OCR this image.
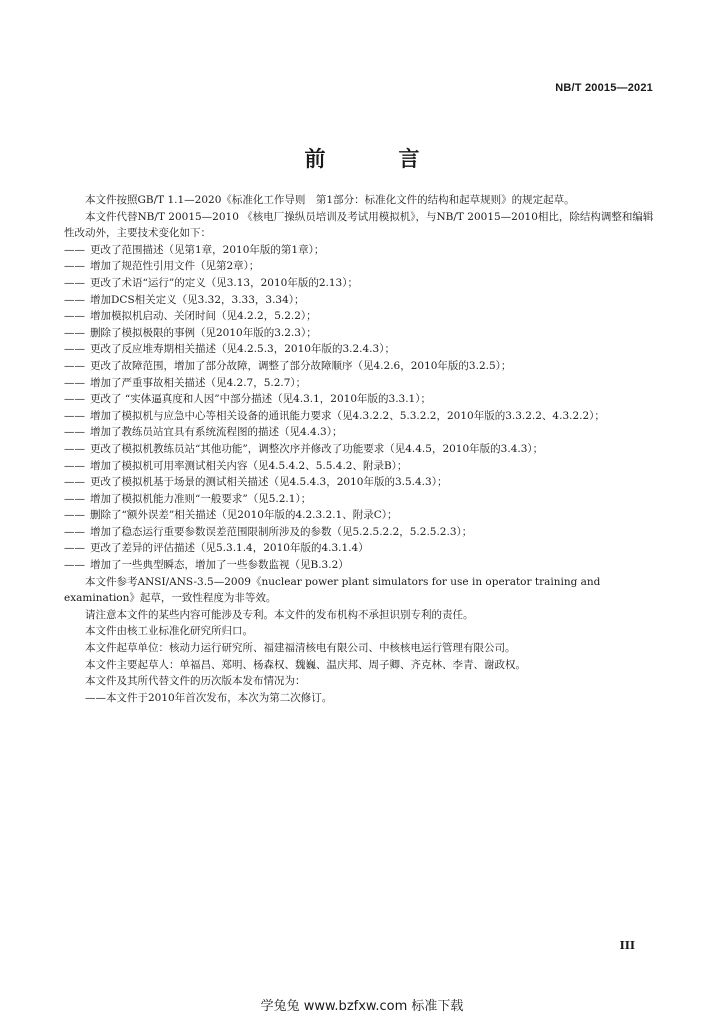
NB/T 20015—2021
前　言

本文件按照GB/T 1.1—2020《标准化工作导则　第1部分：标准化文件的结构和起草规则》的规定起草。

本文件代替NB/T 20015—2010 《核电厂操纵员培训及考试用模拟机》，与NB/T 20015—2010相比，除结构调整和编辑性改动外，主要技术变化如下：

—— 更改了范围描述（见第1章，2010年版的第1章）；

—— 增加了规范性引用文件（见第2章）；

—— 更改了术语“运行”的定义（见3.13，2010年版的2.13）；

—— 增加DCS相关定义（见3.32，3.33，3.34）；

—— 增加模拟机启动、关闭时间（见4.2.2，5.2.2）；

—— 删除了模拟极限的事例（见2010年版的3.2.3）；

—— 更改了反应堆寿期相关描述（见4.2.5.3，2010年版的3.2.4.3）；

—— 更改了故障范围，增加了部分故障，调整了部分故障顺序（见4.2.6，2010年版的3.2.5）；

—— 增加了严重事故相关描述（见4.2.7，5.2.7）；

—— 更改了 “实体逼真度和人因”中部分描述（见4.3.1，2010年版的3.3.1）；

—— 增加了模拟机与应急中心等相关设备的通讯能力要求（见4.3.2.2、5.3.2.2，2010年版的3.3.2.2、4.3.2.2）；

—— 增加了教练员站宜具有系统流程图的描述（见4.4.3）；

—— 更改了模拟机教练员站“其他功能”，调整次序并修改了功能要求（见4.4.5，2010年版的3.4.3）；

—— 增加了模拟机可用率测试相关内容（见4.5.4.2、5.5.4.2、附录B）；

—— 更改了模拟机基于场景的测试相关描述（见4.5.4.3，2010年版的3.5.4.3）；

—— 增加了模拟机能力准则“一般要求”（见5.2.1）；

—— 删除了“额外误差”相关描述（见2010年版的4.2.3.2.1、附录C）；

—— 增加了稳态运行重要参数误差范围限制所涉及的参数（见5.2.5.2.2，5.2.5.2.3）；

—— 更改了差异的评估描述（见5.3.1.4，2010年版的4.3.1.4）

—— 增加了一些典型瞬态，增加了一些参数监视（见B.3.2）

本文件参考ANSI/ANS-3.5—2009《nuclear power plant simulators for use in operator training and examination》起草，一致性程度为非等效。

请注意本文件的某些内容可能涉及专利。本文件的发布机构不承担识别专利的责任。

本文件由核工业标准化研究所归口。

本文件起草单位：核动力运行研究所、福建福清核电有限公司、中核核电运行管理有限公司。

本文件主要起草人：单福昌、郑明、杨森权、魏巍、温庆邦、周子卿、齐克林、李青、谢政权。

本文件及其所代替文件的历次版本发布情况为：

——本文件于2010年首次发布，本次为第二次修订。

III
学兔兔 www.bzfxw.com 标准下载
